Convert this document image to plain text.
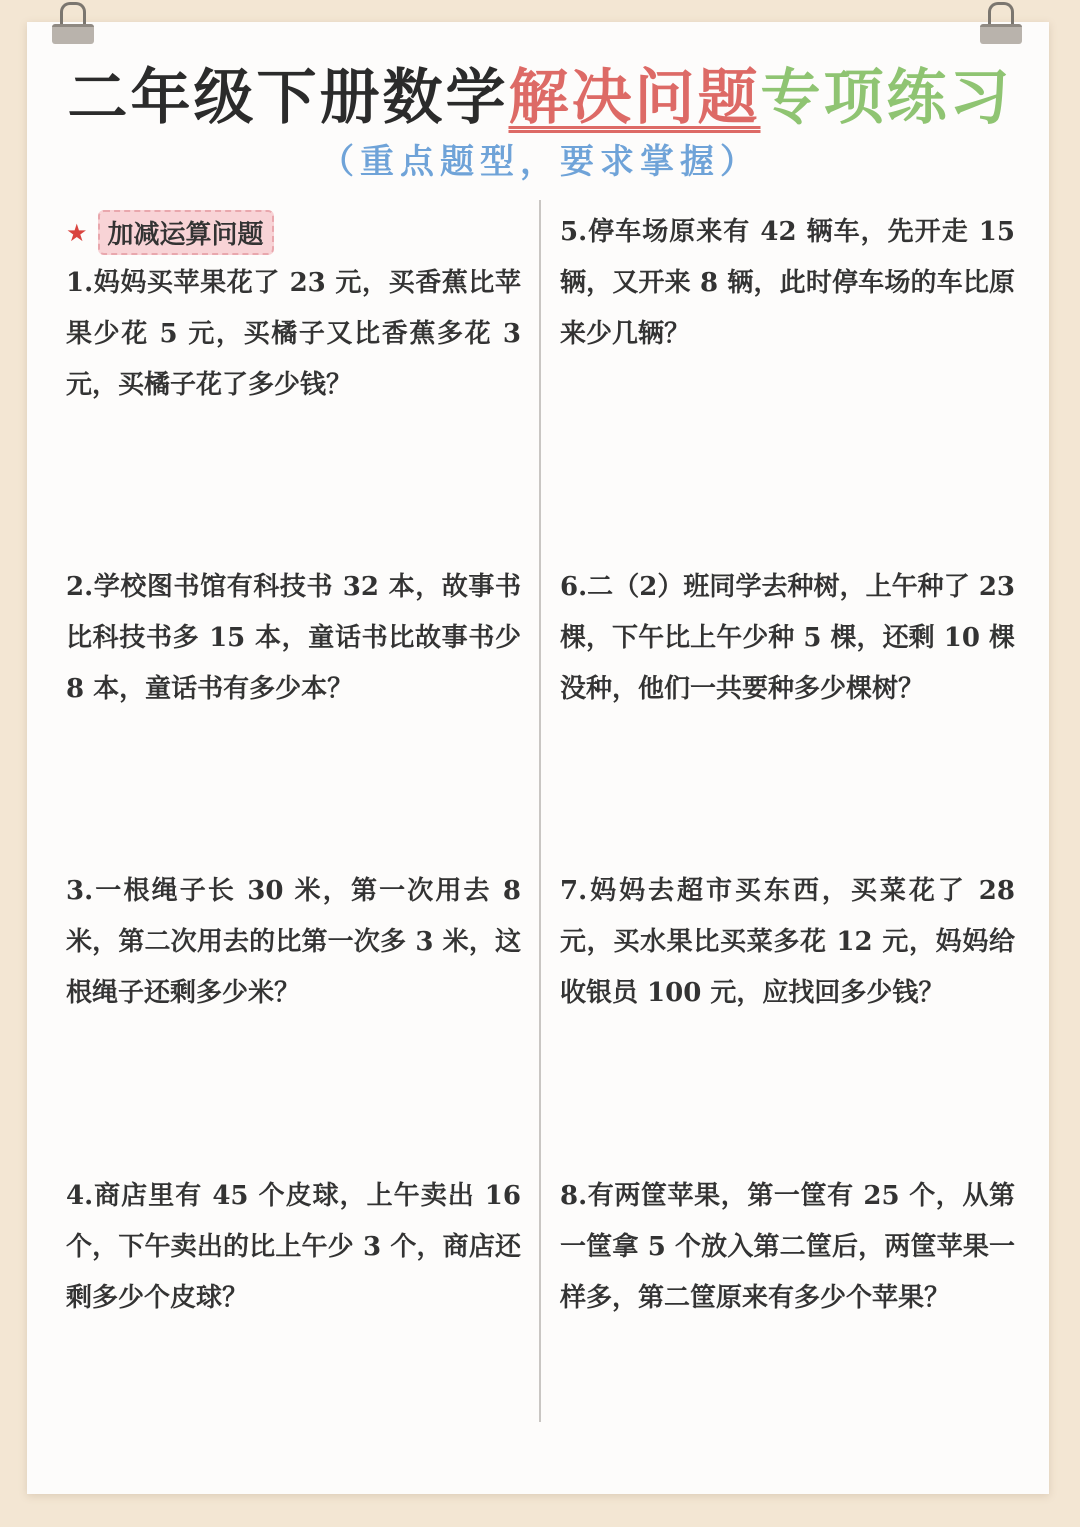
二年级下册数学解决问题专项练习
（重点题型，要求掌握）
★ 加减运算问题
1.妈妈买苹果花了 23 元，买香蕉比苹果少花 5 元，买橘子又比香蕉多花 3 元，买橘子花了多少钱？
2.学校图书馆有科技书 32 本，故事书比科技书多 15 本，童话书比故事书少 8 本，童话书有多少本？
3.一根绳子长 30 米，第一次用去 8 米，第二次用去的比第一次多 3 米，这根绳子还剩多少米？
4.商店里有 45 个皮球，上午卖出 16 个，下午卖出的比上午少 3 个，商店还剩多少个皮球？
5.停车场原来有 42 辆车，先开走 15 辆，又开来 8 辆，此时停车场的车比原来少几辆？
6.二（2）班同学去种树，上午种了 23 棵，下午比上午少种 5 棵，还剩 10 棵没种，他们一共要种多少棵树？
7.妈妈去超市买东西，买菜花了 28 元，买水果比买菜多花 12 元，妈妈给收银员 100 元，应找回多少钱？
8.有两筐苹果，第一筐有 25 个，从第一筐拿 5 个放入第二筐后，两筐苹果一样多，第二筐原来有多少个苹果？
